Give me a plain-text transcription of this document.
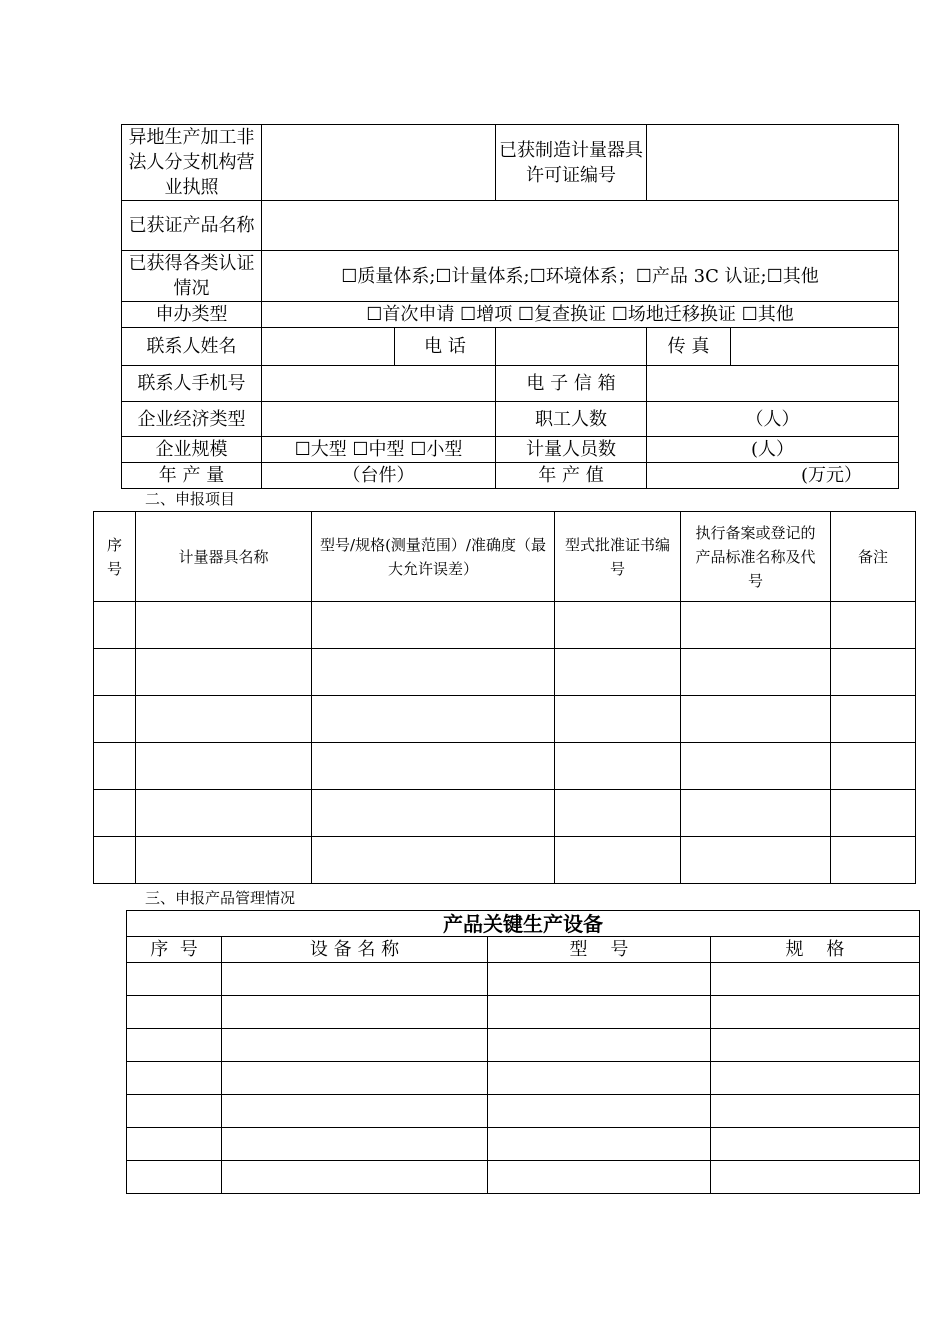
异地生产加工非法人分支机构营业执照			已获制造计量器具许可证编号		
已获证产品名称					
已获得各类认证情况	☐质量体系;☐计量体系;☐环境体系；☐产品 3C 认证;☐其他				
申办类型	☐首次申请 ☐增项 ☐复查换证 ☐场地迁移换证 ☐其他				
联系人姓名		电 话		传 真	
联系人手机号			电 子 信 箱		
企业经济类型			职工人数	（人）	
企业规模	☐大型 ☐中型 ☐小型		计量人员数	(人）	
年 产 量	（台件）		年 产 值	(万元）	
二、申报项目
序号	计量器具名称	型号/规格(测量范围）/准确度（最大允许误差）	型式批准证书编号	执行备案或登记的产品标准名称及代号	备注

三、申报产品管理情况
产品关键生产设备			
序  号	设 备 名 称	型    号	规    格
